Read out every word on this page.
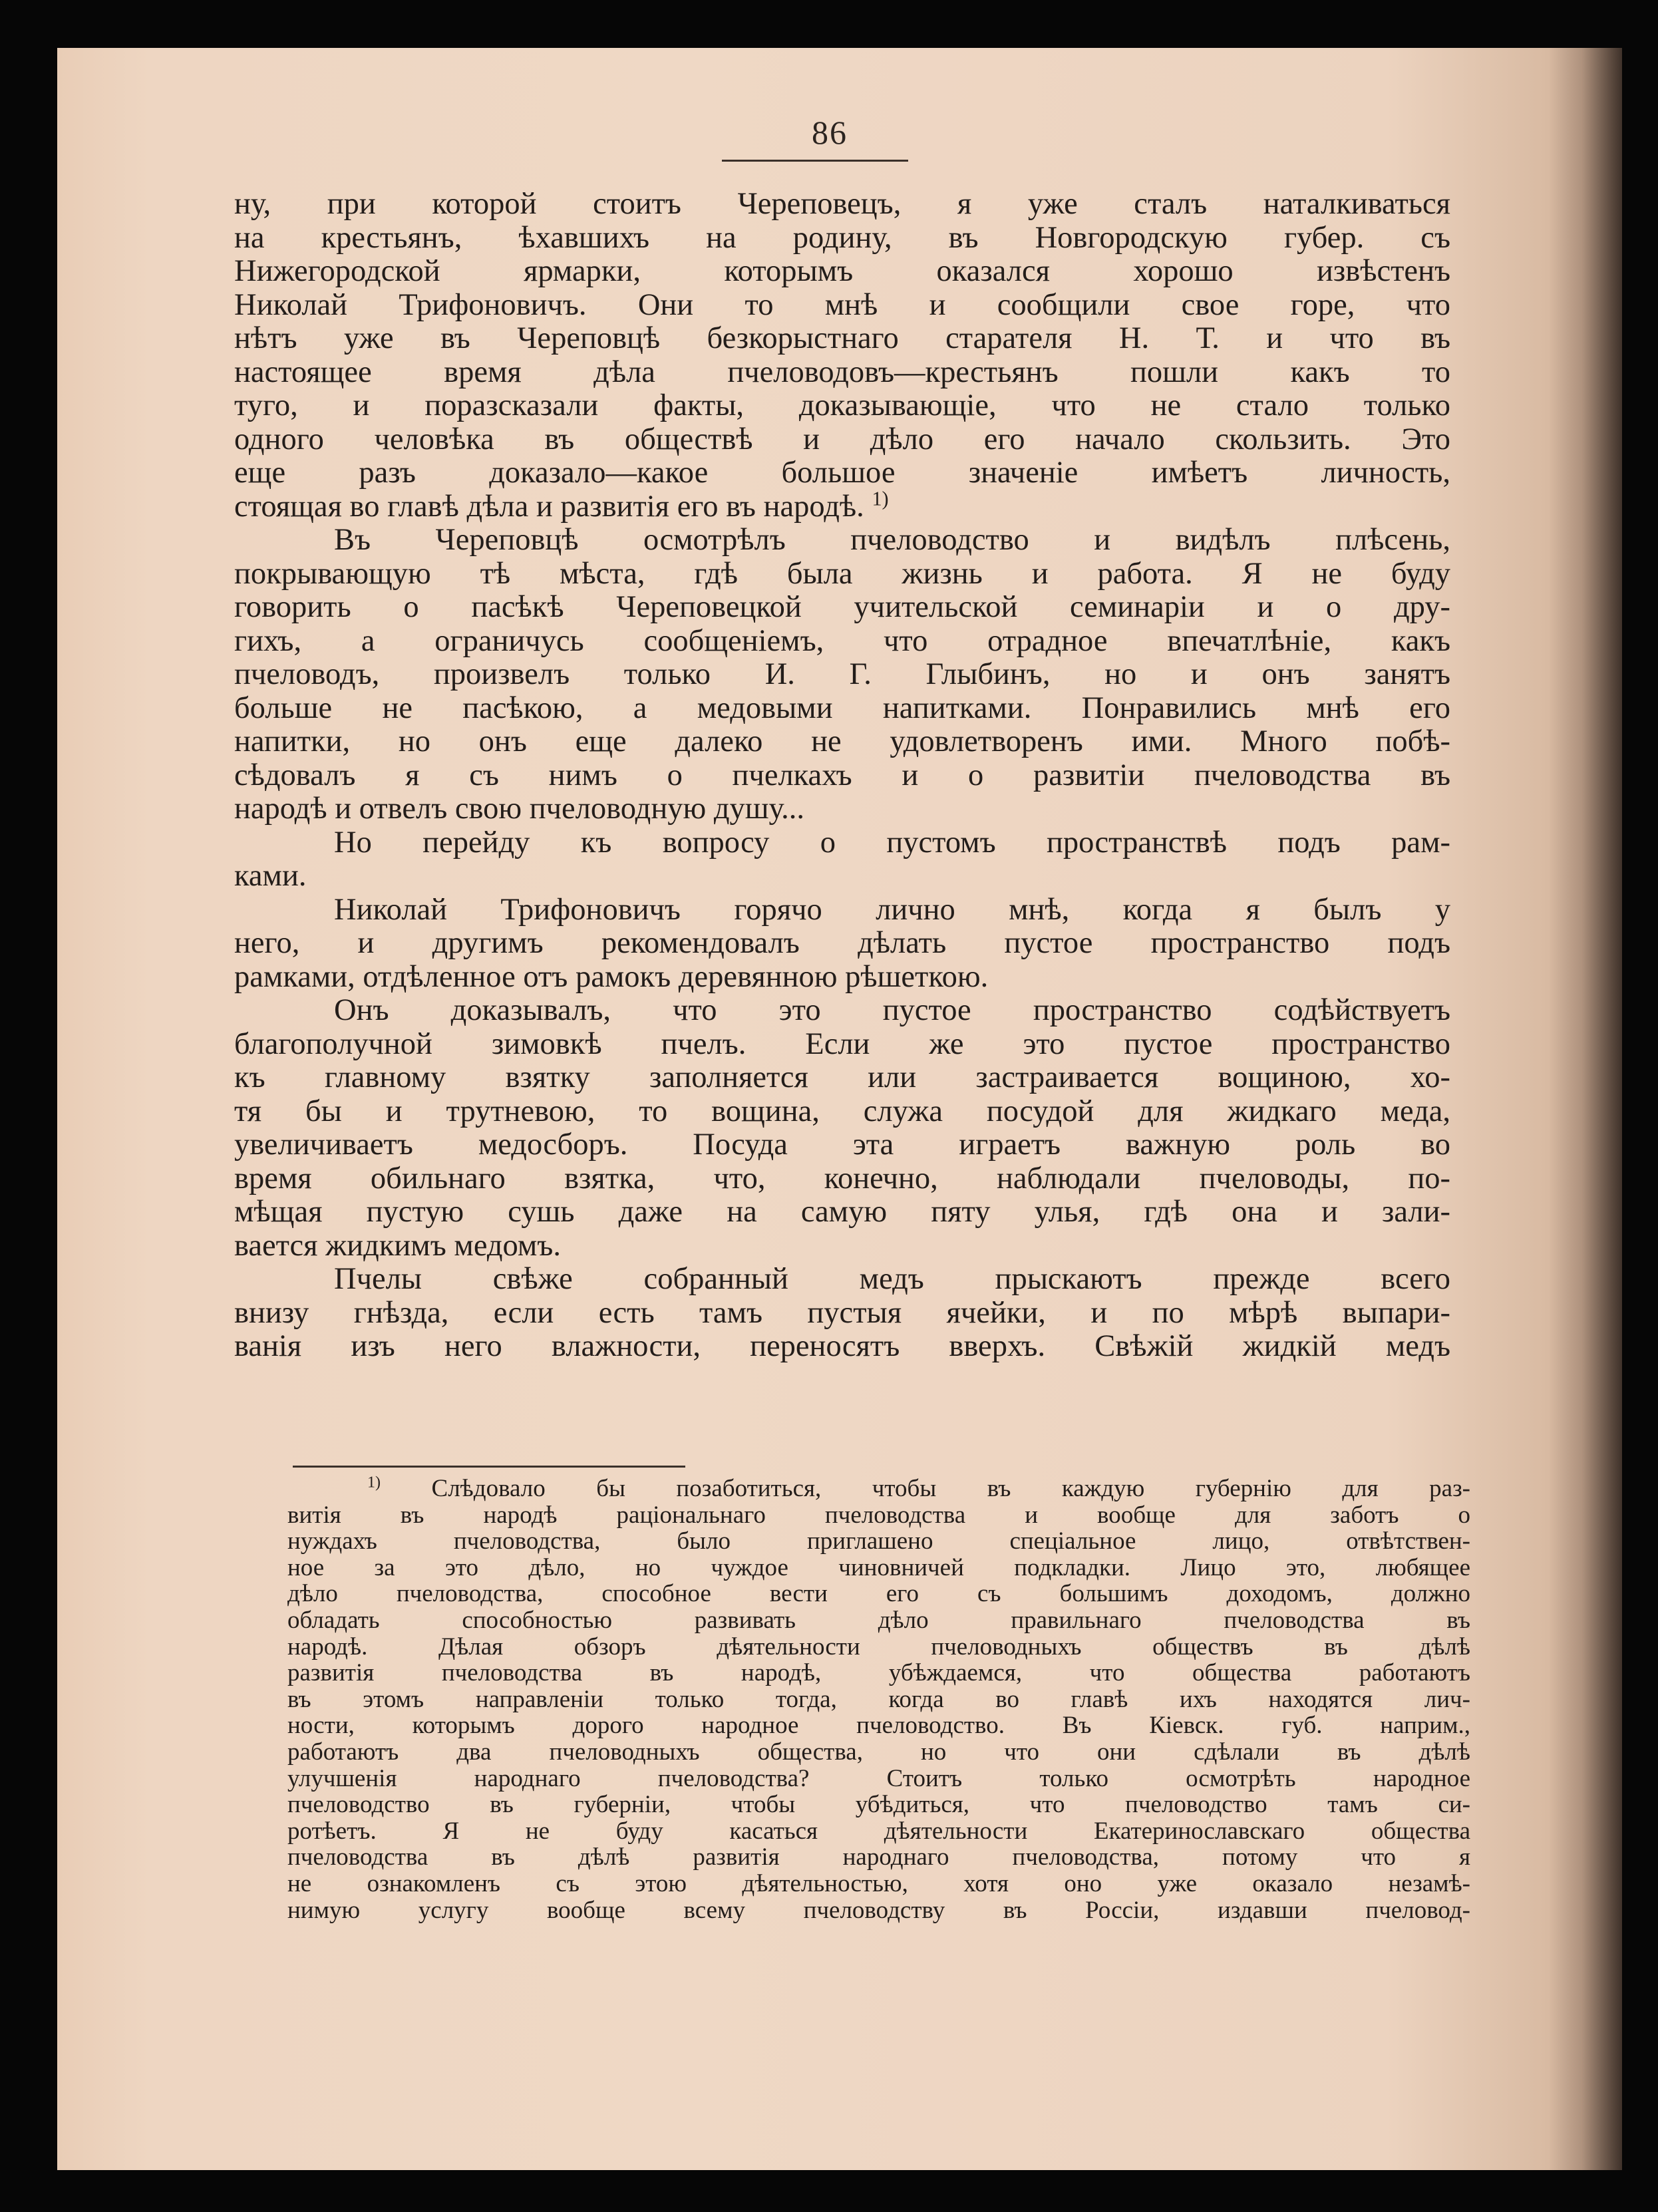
86
ну, при которой стоитъ Череповецъ, я уже сталъ наталкиваться
на крестьянъ, ѣхавшихъ на родину, въ Новгородскую губер. съ
Нижегородской ярмарки, которымъ оказался хорошо извѣстенъ
Николай Трифоновичъ. Они то мнѣ и сообщили свое горе, что
нѣтъ уже въ Череповцѣ безкорыстнаго старателя Н. Т. и что въ
настоящее время дѣла пчеловодовъ—крестьянъ пошли какъ то
туго, и поразсказали факты, доказывающіе, что не стало только
одного человѣка въ обществѣ и дѣло его начало скользить. Это
еще разъ доказало—какое большое значеніе имѣетъ личность,
стоящая во главѣ дѣла и развитія его въ народѣ. $^{1)}$
Въ Череповцѣ осмотрѣлъ пчеловодство и видѣлъ плѣсень,
покрывающую тѣ мѣста, гдѣ была жизнь и работа. Я не буду
говорить о пасѣкѣ Череповецкой учительской семинаріи и о дру-
гихъ, а ограничусь сообщеніемъ, что отрадное впечатлѣніе, какъ
пчеловодъ, произвелъ только И. Г. Глыбинъ, но и онъ занятъ
больше не пасѣкою, а медовыми напитками. Понравились мнѣ его
напитки, но онъ еще далеко не удовлетворенъ ими. Много побѣ-
сѣдовалъ я съ нимъ о пчелкахъ и о развитіи пчеловодства въ
народѣ и отвелъ свою пчеловодную душу...
Но перейду къ вопросу о пустомъ пространствѣ подъ рам-
ками.
Николай Трифоновичъ горячо лично мнѣ, когда я былъ у
него, и другимъ рекомендовалъ дѣлать пустое пространство подъ
рамками, отдѣленное отъ рамокъ деревянною рѣшеткою.
Онъ доказывалъ, что это пустое пространство содѣйствуетъ
благополучной зимовкѣ пчелъ. Если же это пустое пространство
къ главному взятку заполняется или застраивается вощиною, хо-
тя бы и трутневою, то вощина, служа посудой для жидкаго меда,
увеличиваетъ медосборъ. Посуда эта играетъ важную роль во
время обильнаго взятка, что, конечно, наблюдали пчеловоды, по-
мѣщая пустую сушь даже на самую пяту улья, гдѣ она и зали-
вается жидкимъ медомъ.
Пчелы свѣже собранный медъ прыскаютъ прежде всего
внизу гнѣзда, если есть тамъ пустыя ячейки, и по мѣрѣ выпари-
ванія изъ него влажности, переносятъ вверхъ. Свѣжій жидкій медъ
$^{1)}$ Слѣдовало бы позаботиться, чтобы въ каждую губернію для раз-
витія въ народѣ раціональнаго пчеловодства и вообще для заботъ о
нуждахъ пчеловодства, было приглашено спеціальное лицо, отвѣтствен-
ное за это дѣло, но чуждое чиновничей подкладки. Лицо это, любящее
дѣло пчеловодства, способное вести его съ большимъ доходомъ, должно
обладать способностью развивать дѣло правильнаго пчеловодства въ
народѣ. Дѣлая обзоръ дѣятельности пчеловодныхъ обществъ въ дѣлѣ
развитія пчеловодства въ народѣ, убѣждаемся, что общества работаютъ
въ этомъ направленіи только тогда, когда во главѣ ихъ находятся лич-
ности, которымъ дорого народное пчеловодство. Въ Кіевск. губ. наприм.,
работаютъ два пчеловодныхъ общества, но что они сдѣлали въ дѣлѣ
улучшенія народнаго пчеловодства? Стоитъ только осмотрѣть народное
пчеловодство въ губерніи, чтобы убѣдиться, что пчеловодство тамъ си-
ротѣетъ. Я не буду касаться дѣятельности Екатеринославскаго общества
пчеловодства въ дѣлѣ развитія народнаго пчеловодства, потому что я
не ознакомленъ съ этою дѣятельностью, хотя оно уже оказало незамѣ-
нимую услугу вообще всему пчеловодству въ Россіи, издавши пчеловод-
